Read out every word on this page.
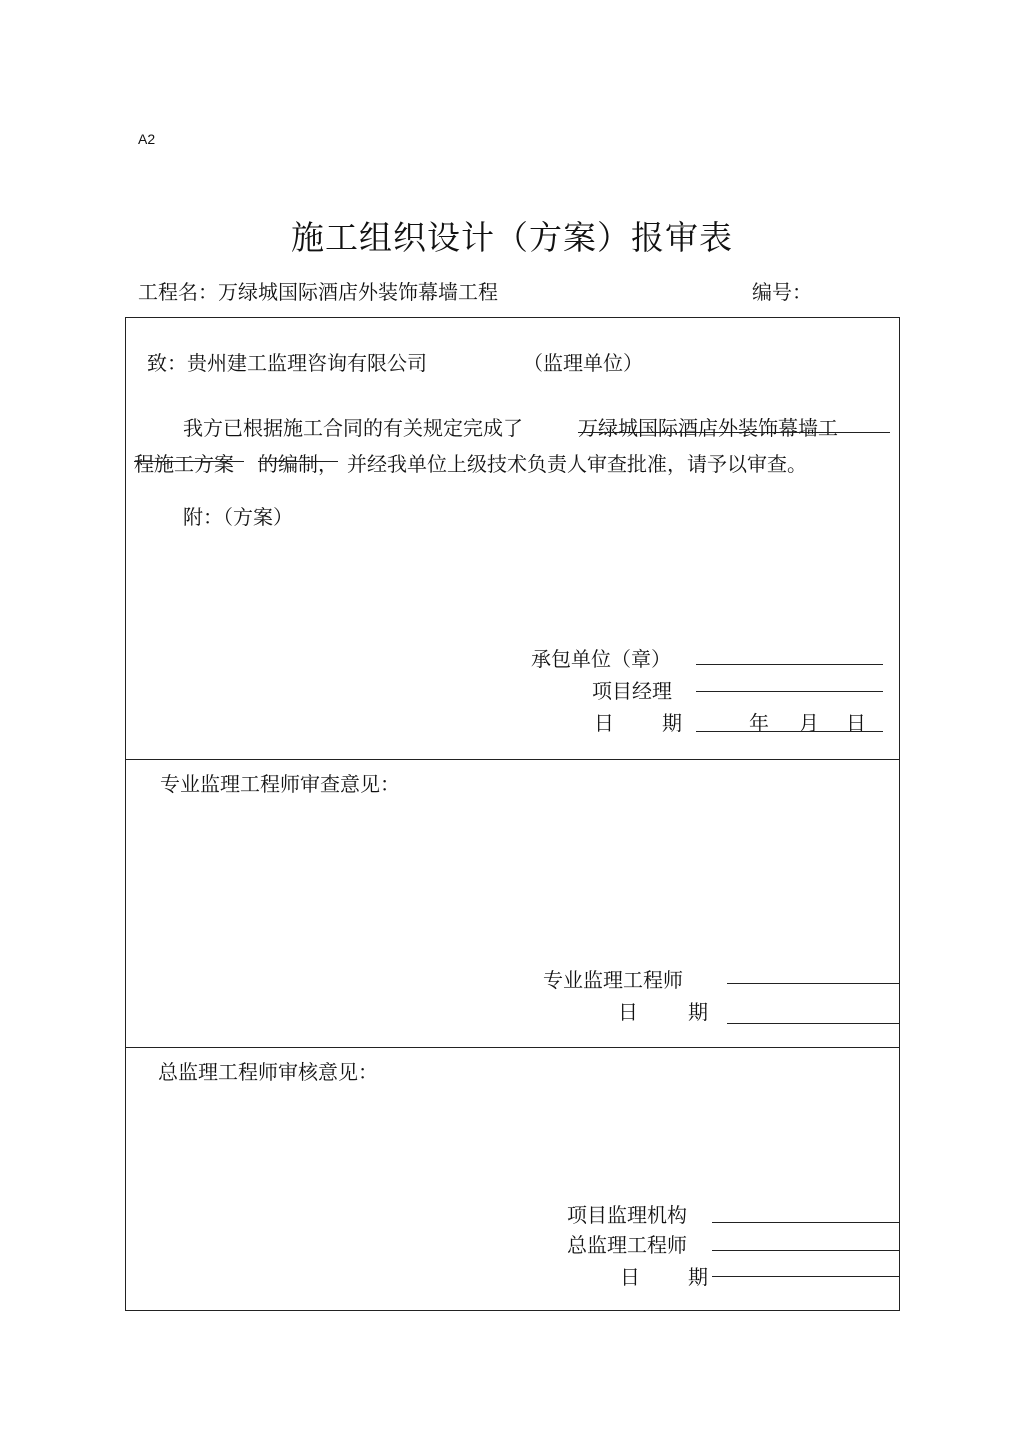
A2
施工组织设计（方案）报审表
工程名：万绿城国际酒店外装饰幕墙工程	编号：
致：贵州建工监理咨询有限公司	（监理单位）
我方已根据施工合同的有关规定完成了	万绿城国际酒店外装饰幕墙工
程施工方案 的编制， 并经我单位上级技术负责人审查批准，请予以审查。
附：（方案）
承包单位（章）
项目经理
日 期	年 月 日
专业监理工程师审查意见：
专业监理工程师
日	期
总监理工程师审核意见：
项目监理机构
总监理工程师
日 期
